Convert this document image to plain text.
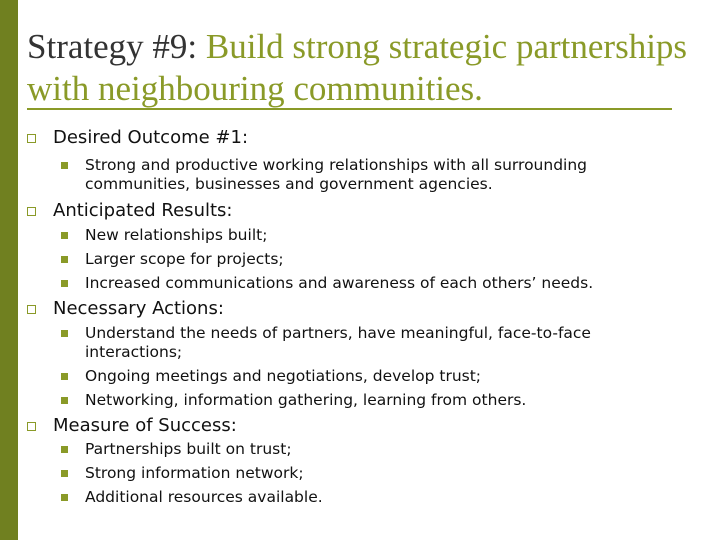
Strategy #9: Build strong strategic partnerships with neighbouring communities.
Desired Outcome #1:
Strong and productive working relationships with all surrounding communities, businesses and government agencies.
Anticipated Results:
New relationships built;
Larger scope for projects;
Increased communications and awareness of each others’ needs.
Necessary Actions:
Understand the needs of partners, have meaningful, face-to-face interactions;
Ongoing meetings and negotiations, develop trust;
Networking, information gathering, learning from others.
Measure of Success:
Partnerships built on trust;
Strong information network;
Additional resources available.
